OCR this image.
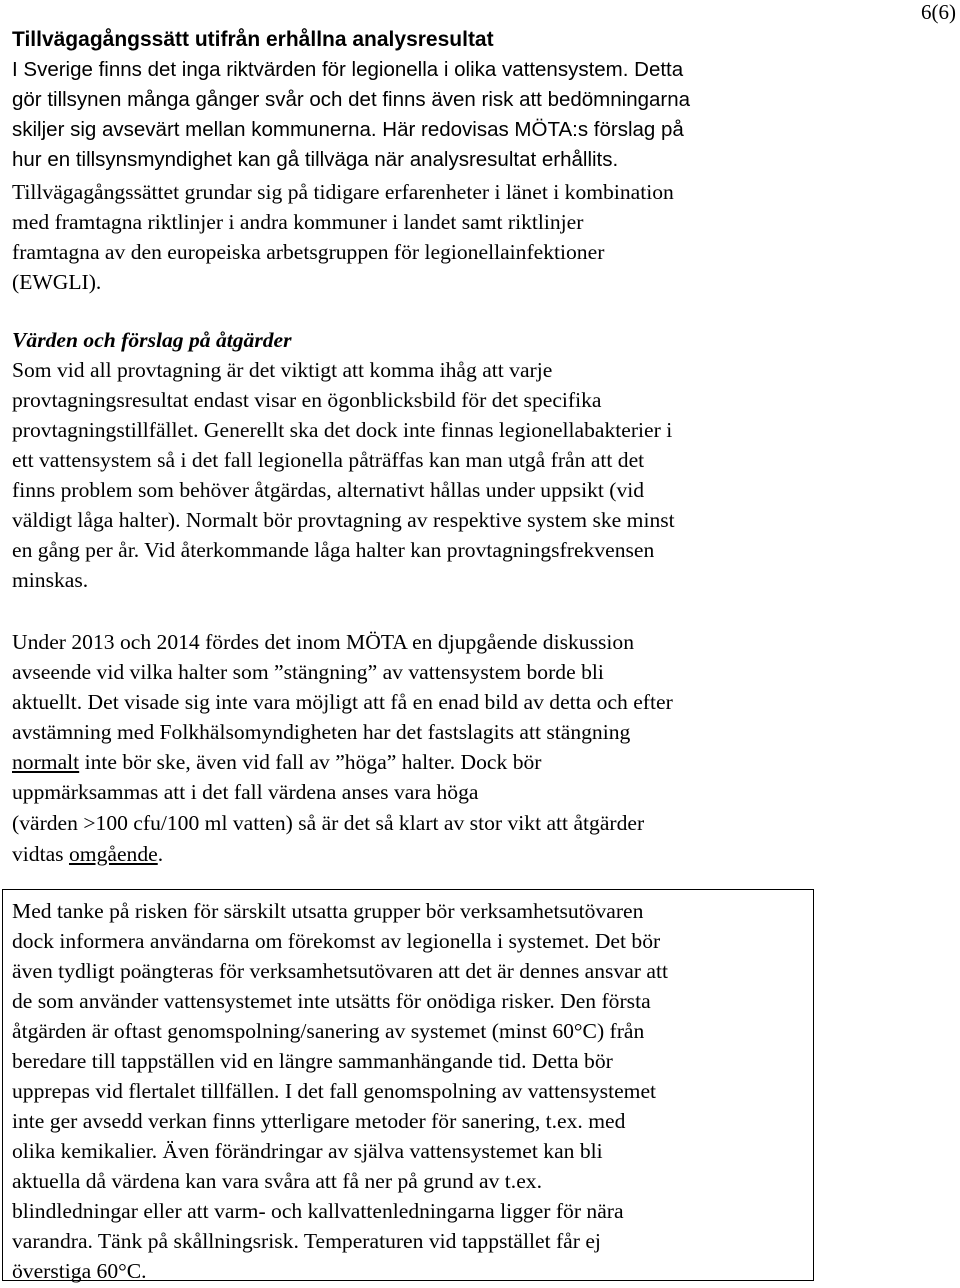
6(6)
Tillvägagångssätt utifrån erhållna analysresultat
I Sverige finns det inga riktvärden för legionella i olika vattensystem. Detta
gör tillsynen många gånger svår och det finns även risk att bedömningarna
skiljer sig avsevärt mellan kommunerna. Här redovisas MÖTA:s förslag på
hur en tillsynsmyndighet kan gå tillväga när analysresultat erhållits.
Tillvägagångssättet grundar sig på tidigare erfarenheter i länet i kombination
med framtagna riktlinjer i andra kommuner i landet samt riktlinjer
framtagna av den europeiska arbetsgruppen för legionellainfektioner
(EWGLI).
Värden och förslag på åtgärder
Som vid all provtagning är det viktigt att komma ihåg att varje
provtagningsresultat endast visar en ögonblicksbild för det specifika
provtagningstillfället. Generellt ska det dock inte finnas legionellabakterier i
ett vattensystem så i det fall legionella påträffas kan man utgå från att det
finns problem som behöver åtgärdas, alternativt hållas under uppsikt (vid
väldigt låga halter). Normalt bör provtagning av respektive system ske minst
en gång per år. Vid återkommande låga halter kan provtagningsfrekvensen
minskas.
Under 2013 och 2014 fördes det inom MÖTA en djupgående diskussion
avseende vid vilka halter som ”stängning” av vattensystem borde bli
aktuellt. Det visade sig inte vara möjligt att få en enad bild av detta och efter
avstämning med Folkhälsomyndigheten har det fastslagits att stängning
normalt inte bör ske, även vid fall av ”höga” halter. Dock bör
uppmärksammas att i det fall värdena anses vara höga
(värden >100 cfu/100 ml vatten) så är det så klart av stor vikt att åtgärder
vidtas omgående.
Med tanke på risken för särskilt utsatta grupper bör verksamhetsutövaren
dock informera användarna om förekomst av legionella i systemet. Det bör
även tydligt poängteras för verksamhetsutövaren att det är dennes ansvar att
de som använder vattensystemet inte utsätts för onödiga risker. Den första
åtgärden är oftast genomspolning/sanering av systemet (minst 60°C) från
beredare till tappställen vid en längre sammanhängande tid. Detta bör
upprepas vid flertalet tillfällen. I det fall genomspolning av vattensystemet
inte ger avsedd verkan finns ytterligare metoder för sanering, t.ex. med
olika kemikalier. Även förändringar av själva vattensystemet kan bli
aktuella då värdena kan vara svåra att få ner på grund av t.ex.
blindledningar eller att varm- och kallvattenledningarna ligger för nära
varandra. Tänk på skållningsrisk. Temperaturen vid tappstället får ej
överstiga 60°C.
